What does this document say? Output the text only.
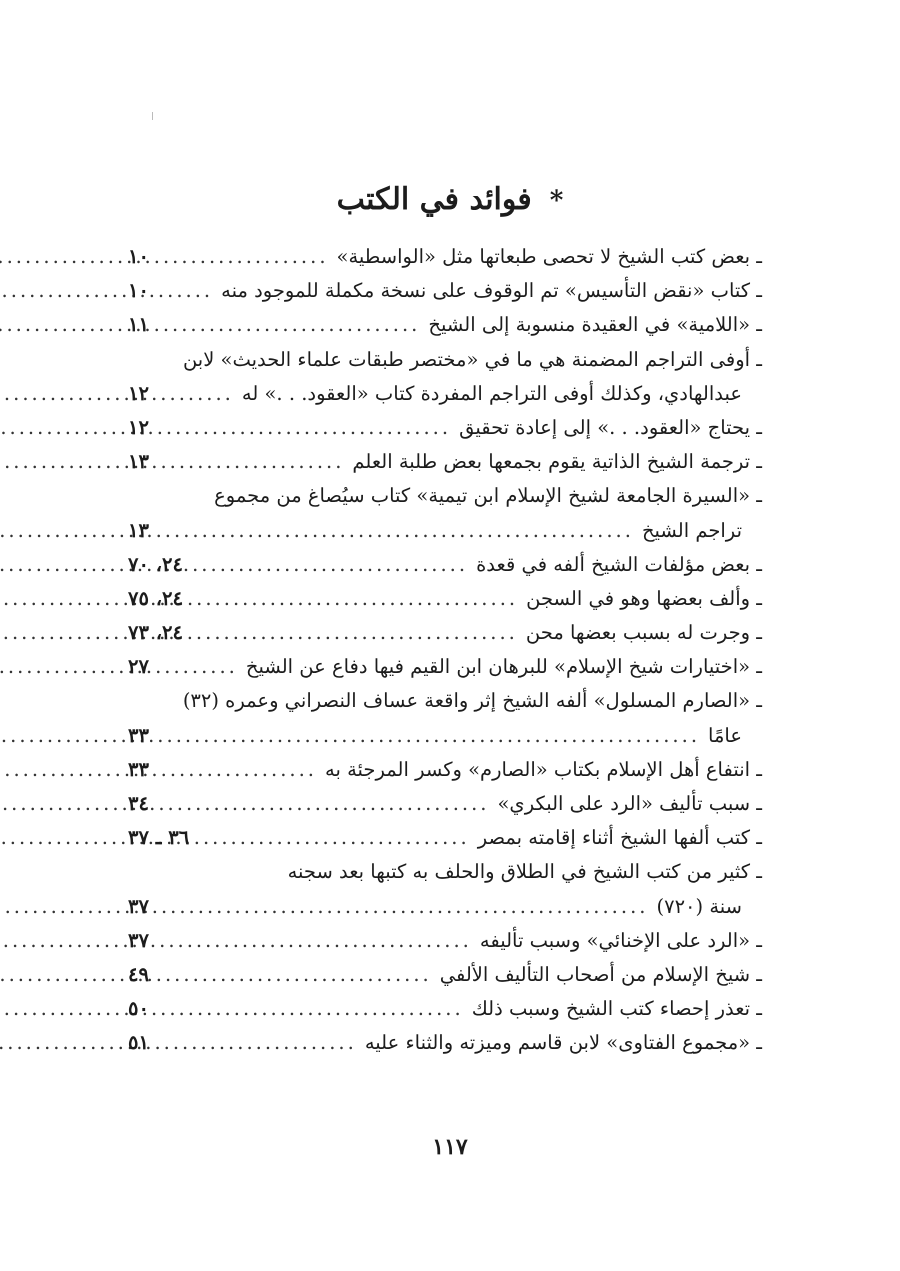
*فوائد في الكتب
ـ بعض كتب الشيخ لا تحصى طبعاتها مثل «الواسطية»
.....
١٠
ـ كتاب «نقض التأسيس» تم الوقوف على نسخة مكملة للموجود منه
.....
١٠
ـ «اللامية» في العقيدة منسوبة إلى الشيخ
.....
١١
ـ أوفى التراجم المضمنة هي ما في «مختصر طبقات علماء الحديث» لابن
عبدالهادي، وكذلك أوفى التراجم المفردة كتاب «العقود. . .» له
.....
١٢
ـ يحتاج «العقود. . .» إلى إعادة تحقيق
.....
١٢
ـ ترجمة الشيخ الذاتية يقوم بجمعها بعض طلبة العلم
.....
١٣
ـ «السيرة الجامعة لشيخ الإسلام ابن تيمية» كتاب سيُصاغ من مجموع
تراجم الشيخ
.....
١٣
ـ بعض مؤلفات الشيخ ألفه في قعدة
.....
٢٤، ٧٠
ـ وألف بعضها وهو في السجن
.....
٢٤، ٧٥
ـ وجرت له بسبب بعضها محن
.....
٢٤، ٧٣
ـ «اختيارات شيخ الإسلام» للبرهان ابن القيم فيها دفاع عن الشيخ
.....
٢٧
ـ «الصارم المسلول» ألفه الشيخ إثر واقعة عساف النصراني وعمره (٣٢)
عامًا
.....
٣٣
ـ انتفاع أهل الإسلام بكتاب «الصارم» وكسر المرجئة به
.....
٣٣
ـ سبب تأليف «الرد على البكري»
.....
٣٤
ـ كتب ألفها الشيخ أثناء إقامته بمصر
.....
٣٦ ـ ٣٧
ـ كثير من كتب الشيخ في الطلاق والحلف به كتبها بعد سجنه
سنة (٧٢٠)
.....
٣٧
ـ «الرد على الإخنائي» وسبب تأليفه
.....
٣٧
ـ شيخ الإسلام من أصحاب التأليف الألفي
.....
٤٩
ـ تعذر إحصاء كتب الشيخ وسبب ذلك
.....
٥٠
ـ «مجموع الفتاوى» لابن قاسم وميزته والثناء عليه
.....
٥١
١١٧
